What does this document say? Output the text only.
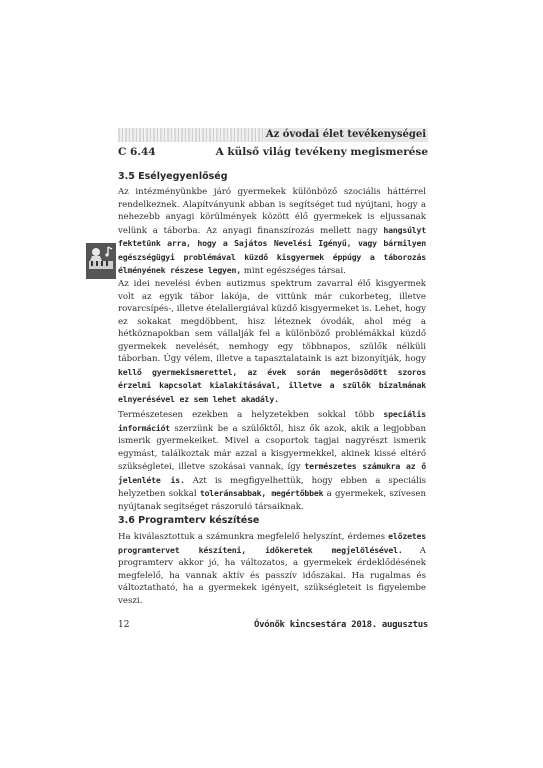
Az óvodai élet tevékenységei
C 6.44	A külső világ tevékeny megismerése
3.5 Esélyegyenlőség
Az intézményünkbe járó gyermekek különböző szociális háttérrel rendelkeznek. Alapítványunk abban is segítséget tud nyújtani, hogy a nehezebb anyagi körülmények között élő gyermekek is eljussanak velünk a táborba. Az anyagi finanszírozás mellett nagy hangsúlyt fektetünk arra, hogy a Sajátos Nevelési Igényű, vagy bármilyen egészségügyi problémával küzdő kisgyermek éppúgy a táborozás élményének részese legyen, mint egészséges társai.
Az idei nevelési évben autizmus spektrum zavarral élő kisgyermek volt az egyik tábor lakója, de vittünk már cukorbeteg, illetve rovarcsípés-, illetve ételallergiával küzdő kisgyermeket is. Lehet, hogy ez sokakat megdöbbent, hisz léteznek óvodák, ahol még a hétköznapokban sem vállalják fel a különböző problémákkal küzdő gyermekek nevelését, nemhogy egy többnapos, szülők nélküli táborban. Úgy vélem, illetve a tapasztalataink is azt bizonyítják, hogy kellő gyermekismerettel, az évek során megerősödött szoros érzelmi kapcsolat kialakításával, illetve a szülők bizalmának elnyerésével ez sem lehet akadály.
Természetesen ezekben a helyzetekben sokkal több speciális információt szerzünk be a szülőktől, hisz ők azok, akik a legjobban ismerik gyermekeiket. Mivel a csoportok tagjai nagyrészt ismerik egymást, találkoztak már azzal a kisgyermekkel, akinek kissé eltérő szükségletei, illetve szokásai vannak, így természetes számukra az ő jelenléte is. Azt is megfigyelhettük, hogy ebben a speciális helyzetben sokkal toleránsabbak, megértőbbek a gyermekek, szívesen nyújtanak segítséget rászoruló társaiknak.
3.6 Programterv készítése
Ha kiválasztottuk a számunkra megfelelő helyszínt, érdemes előzetes programtervet készíteni, időkeretek megjelölésével. A programterv akkor jó, ha változatos, a gyermekek érdeklődésének megfelelő, ha vannak aktív és passzív időszakai. Ha rugalmas és változtatható, ha a gyermekek igényeit, szükségleteit is figyelembe veszi.
12	Óvónők kincsestára 2018. augusztus
